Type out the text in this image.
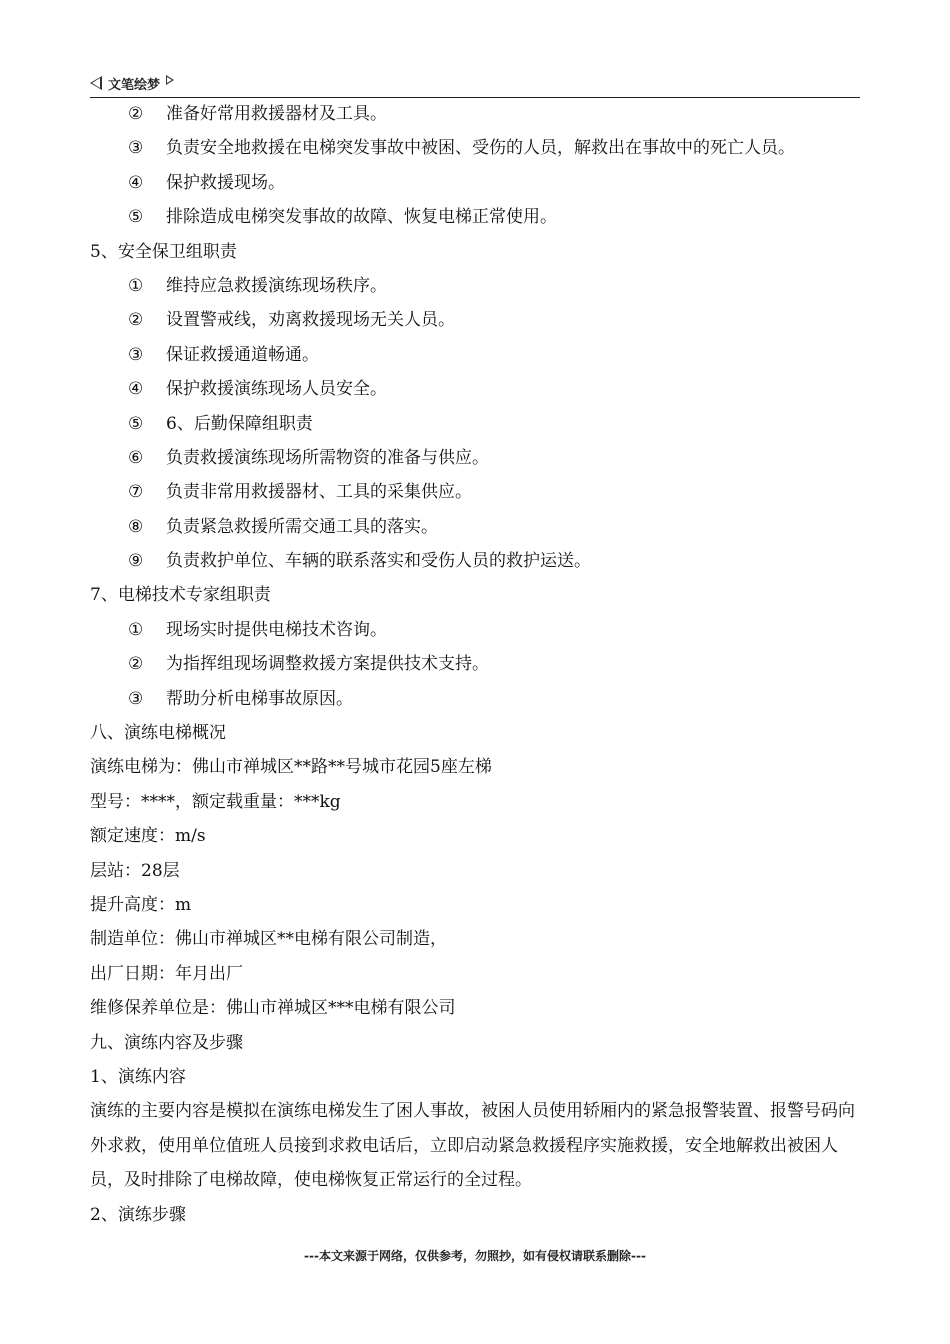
文笔绘梦
② 准备好常用救援器材及工具。
③ 负责安全地救援在电梯突发事故中被困、受伤的人员，解救出在事故中的死亡人员。
④ 保护救援现场。
⑤ 排除造成电梯突发事故的故障、恢复电梯正常使用。
5、安全保卫组职责
① 维持应急救援演练现场秩序。
② 设置警戒线，劝离救援现场无关人员。
③ 保证救援通道畅通。
④ 保护救援演练现场人员安全。
⑤ 6、后勤保障组职责
⑥ 负责救援演练现场所需物资的准备与供应。
⑦ 负责非常用救援器材、工具的采集供应。
⑧ 负责紧急救援所需交通工具的落实。
⑨ 负责救护单位、车辆的联系落实和受伤人员的救护运送。
7、电梯技术专家组职责
① 现场实时提供电梯技术咨询。
② 为指挥组现场调整救援方案提供技术支持。
③ 帮助分析电梯事故原因。
八、演练电梯概况
演练电梯为：佛山市禅城区**路**号城市花园5座左梯
型号：****，额定载重量：***kg
额定速度：m/s
层站：28层
提升高度：m
制造单位：佛山市禅城区**电梯有限公司制造，
出厂日期：年月出厂
维修保养单位是：佛山市禅城区***电梯有限公司
九、演练内容及步骤
1、演练内容
演练的主要内容是模拟在演练电梯发生了困人事故，被困人员使用轿厢内的紧急报警装置、报警号码向外求救，使用单位值班人员接到求救电话后，立即启动紧急救援程序实施救援，安全地解救出被困人员，及时排除了电梯故障，使电梯恢复正常运行的全过程。
2、演练步骤
---本文来源于网络，仅供参考，勿照抄，如有侵权请联系删除---
